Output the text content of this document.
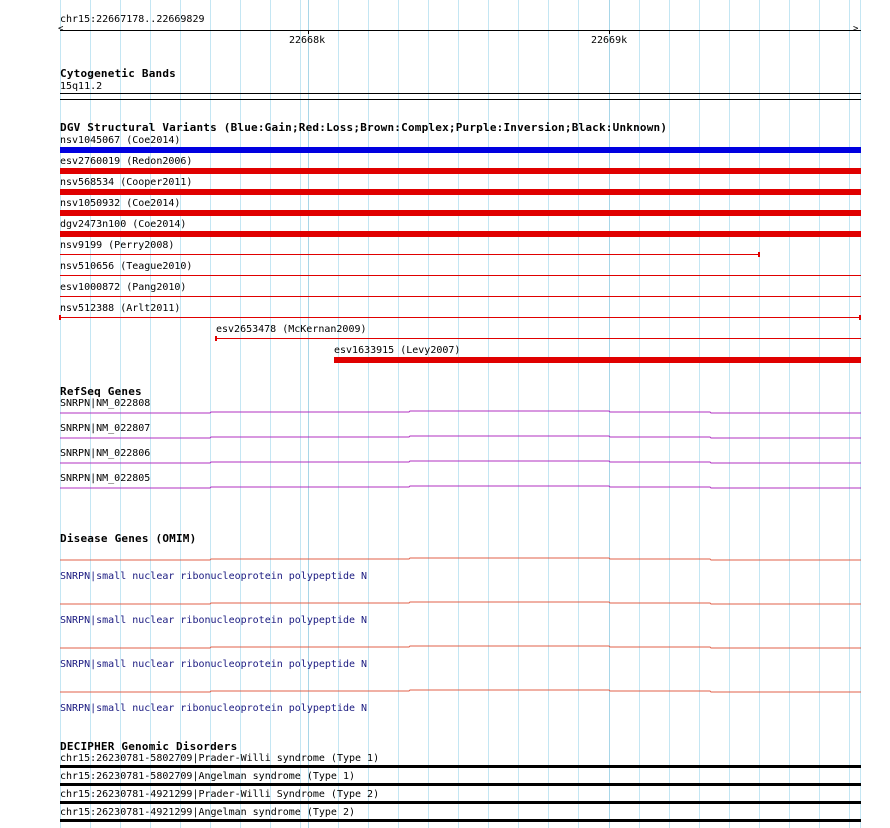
chr15:22667178..22669829
<	>
22668k	22669k
Cytogenetic Bands
15q11.2
DGV Structural Variants (Blue:Gain;Red:Loss;Brown:Complex;Purple:Inversion;Black:Unknown)
nsv1045067 (Coe2014)
esv2760019 (Redon2006)
nsv568534 (Cooper2011)
nsv1050932 (Coe2014)
dgv2473n100 (Coe2014)
nsv9199 (Perry2008)
nsv510656 (Teague2010)
esv1000872 (Pang2010)
nsv512388 (Arlt2011)
esv2653478 (McKernan2009)
esv1633915 (Levy2007)
RefSeq Genes
SNRPN|NM_022808
SNRPN|NM_022807
SNRPN|NM_022806
SNRPN|NM_022805
Disease Genes (OMIM)
SNRPN|small nuclear ribonucleoprotein polypeptide N
SNRPN|small nuclear ribonucleoprotein polypeptide N
SNRPN|small nuclear ribonucleoprotein polypeptide N
SNRPN|small nuclear ribonucleoprotein polypeptide N
DECIPHER Genomic Disorders
chr15:26230781-5802709|Prader-Willi syndrome (Type 1)
chr15:26230781-5802709|Angelman syndrome (Type 1)
chr15:26230781-4921299|Prader-Willi Syndrome (Type 2)
chr15:26230781-4921299|Angelman syndrome (Type 2)
